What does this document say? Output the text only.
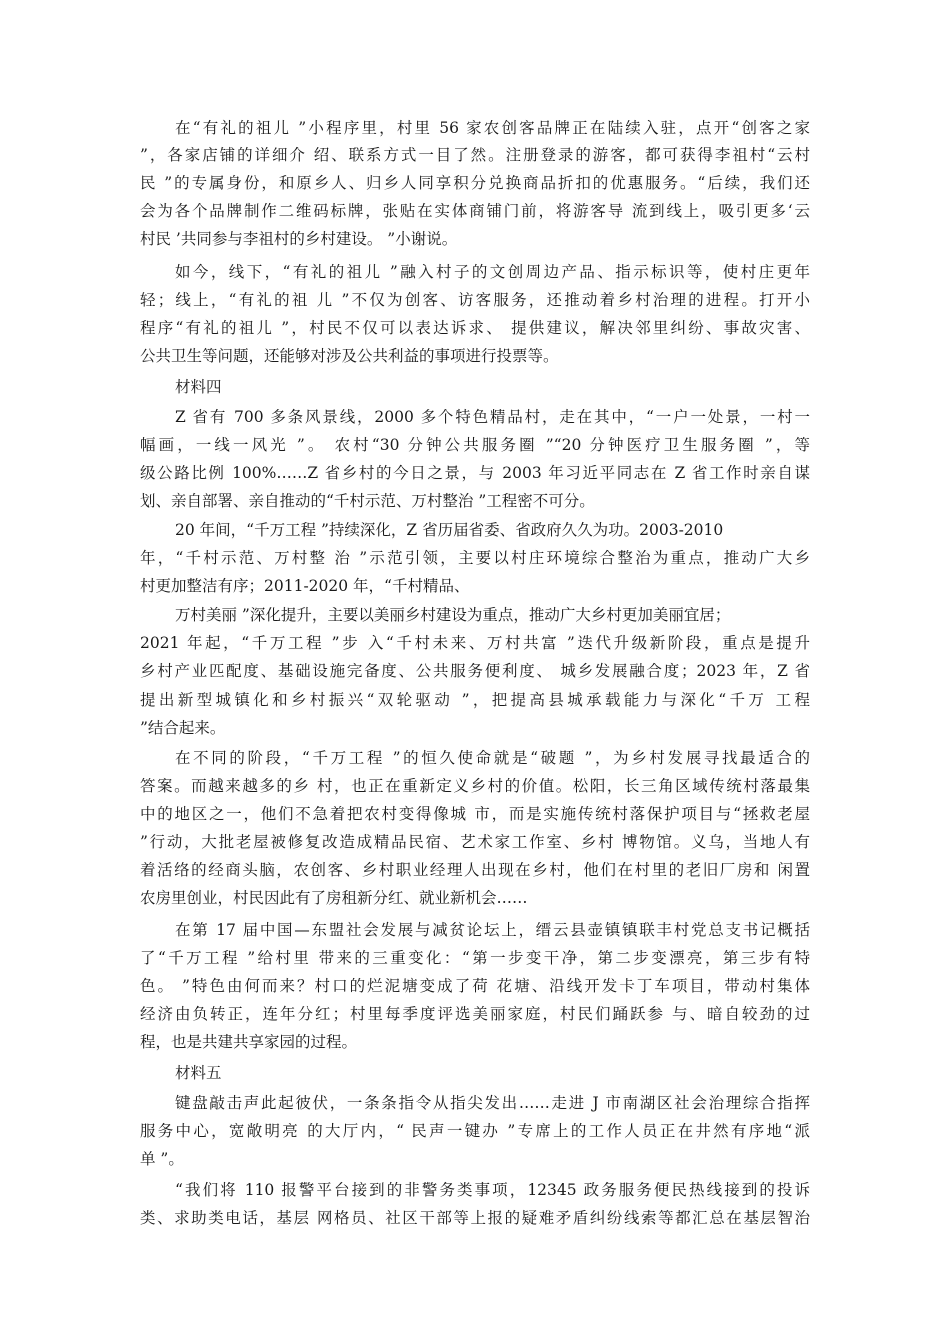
在“有礼的祖儿 ”小程序里，村里 56 家农创客品牌正在陆续入驻，点开“创客之家
”，各家店铺的详细介 绍、联系方式一目了然。注册登录的游客，都可获得李祖村“云村
民 ”的专属身份，和原乡人、归乡人同享积分兑换商品折扣的优惠服务。“后续，我们还
会为各个品牌制作二维码标牌，张贴在实体商铺门前，将游客导 流到线上，吸引更多‘云
村民 ’共同参与李祖村的乡村建设。 ”小谢说。
如今，线下，“有礼的祖儿 ”融入村子的文创周边产品、指示标识等，使村庄更年
轻；线上，“有礼的祖 儿 ”不仅为创客、访客服务，还推动着乡村治理的进程。打开小
程序“有礼的祖儿 ”，村民不仅可以表达诉求、 提供建议，解决邻里纠纷、事故灾害、
公共卫生等问题，还能够对涉及公共利益的事项进行投票等。
材料四
Z 省有 700 多条风景线，2000 多个特色精品村，走在其中，“一户一处景，一村一
幅画，一线一风光 ”。 农村“30 分钟公共服务圈 ”“20 分钟医疗卫生服务圈 ”，等
级公路比例 100%……Z 省乡村的今日之景，与 2003 年习近平同志在 Z 省工作时亲自谋
划、亲自部署、亲自推动的“千村示范、万村整治 ”工程密不可分。
20 年间，“千万工程 ”持续深化，Z 省历届省委、省政府久久为功。2003-2010
年，“千村示范、万村整 治 ”示范引领，主要以村庄环境综合整治为重点，推动广大乡
村更加整洁有序；2011-2020 年，“千村精品、
万村美丽 ”深化提升，主要以美丽乡村建设为重点，推动广大乡村更加美丽宜居；
2021 年起，“千万工程 ”步 入“千村未来、万村共富 ”迭代升级新阶段，重点是提升
乡村产业匹配度、基础设施完备度、公共服务便利度、 城乡发展融合度；2023 年，Z 省
提出新型城镇化和乡村振兴“双轮驱动 ”，把提高县城承载能力与深化“千万 工程
”结合起来。
在不同的阶段，“千万工程 ”的恒久使命就是“破题 ”，为乡村发展寻找最适合的
答案。而越来越多的乡 村，也正在重新定义乡村的价值。松阳，长三角区域传统村落最集
中的地区之一，他们不急着把农村变得像城 市，而是实施传统村落保护项目与“拯救老屋
”行动，大批老屋被修复改造成精品民宿、艺术家工作室、乡村 博物馆。义乌，当地人有
着活络的经商头脑，农创客、乡村职业经理人出现在乡村，他们在村里的老旧厂房和 闲置
农房里创业，村民因此有了房租新分红、就业新机会……
在第 17 届中国—东盟社会发展与减贫论坛上，缙云县壶镇镇联丰村党总支书记概括
了“千万工程 ”给村里 带来的三重变化：“第一步变干净，第二步变漂亮，第三步有特
色。 ”特色由何而来？村口的烂泥塘变成了荷 花塘、沿线开发卡丁车项目，带动村集体
经济由负转正，连年分红；村里每季度评选美丽家庭，村民们踊跃参 与、暗自较劲的过
程，也是共建共享家园的过程。
材料五
键盘敲击声此起彼伏，一条条指令从指尖发出……走进 J 市南湖区社会治理综合指挥
服务中心，宽敞明亮 的大厅内，“ 民声一键办 ”专席上的工作人员正在井然有序地“派
单 ”。
“我们将 110 报警平台接到的非警务类事项，12345 政务服务便民热线接到的投诉
类、求助类电话，基层 网格员、社区干部等上报的疑难矛盾纠纷线索等都汇总在基层智治
